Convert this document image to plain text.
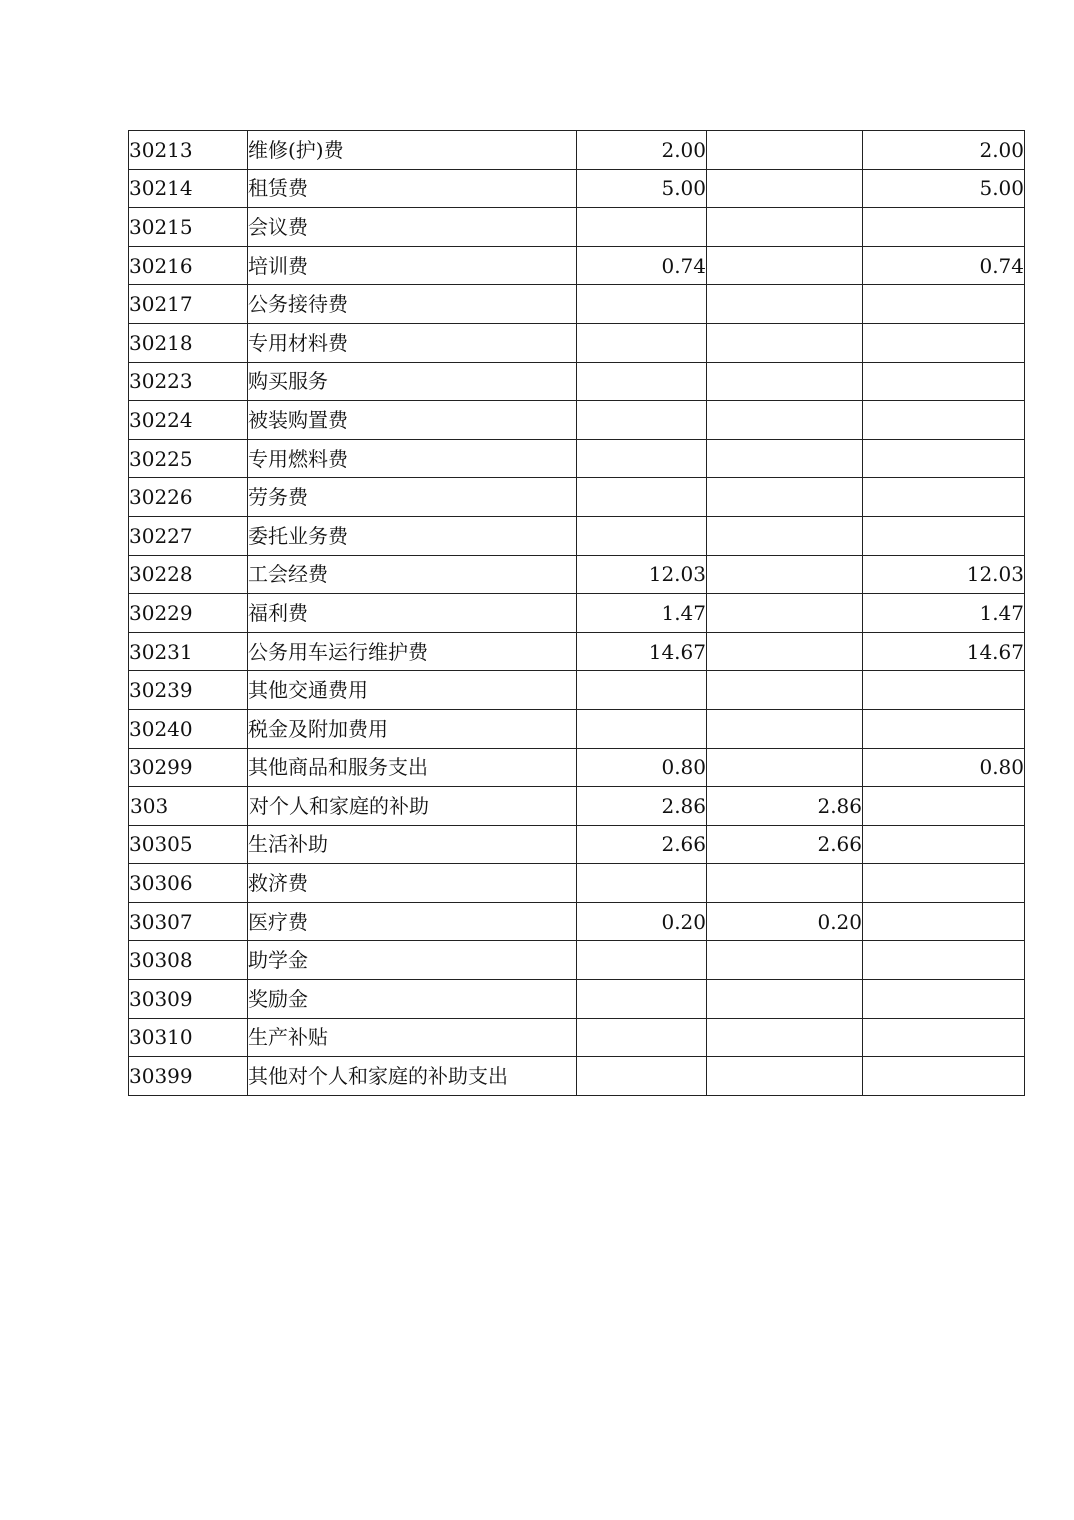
30213	维修(护)费	2.00		2.00
30214	租赁费	5.00		5.00
30215	会议费			
30216	培训费	0.74		0.74
30217	公务接待费			
30218	专用材料费			
30223	购买服务			
30224	被装购置费			
30225	专用燃料费			
30226	劳务费			
30227	委托业务费			
30228	工会经费	12.03		12.03
30229	福利费	1.47		1.47
30231	公务用车运行维护费	14.67		14.67
30239	其他交通费用			
30240	税金及附加费用			
30299	其他商品和服务支出	0.80		0.80
303	对个人和家庭的补助	2.86	2.86	
30305	生活补助	2.66	2.66	
30306	救济费			
30307	医疗费	0.20	0.20	
30308	助学金			
30309	奖励金			
30310	生产补贴			
30399	其他对个人和家庭的补助支出			
